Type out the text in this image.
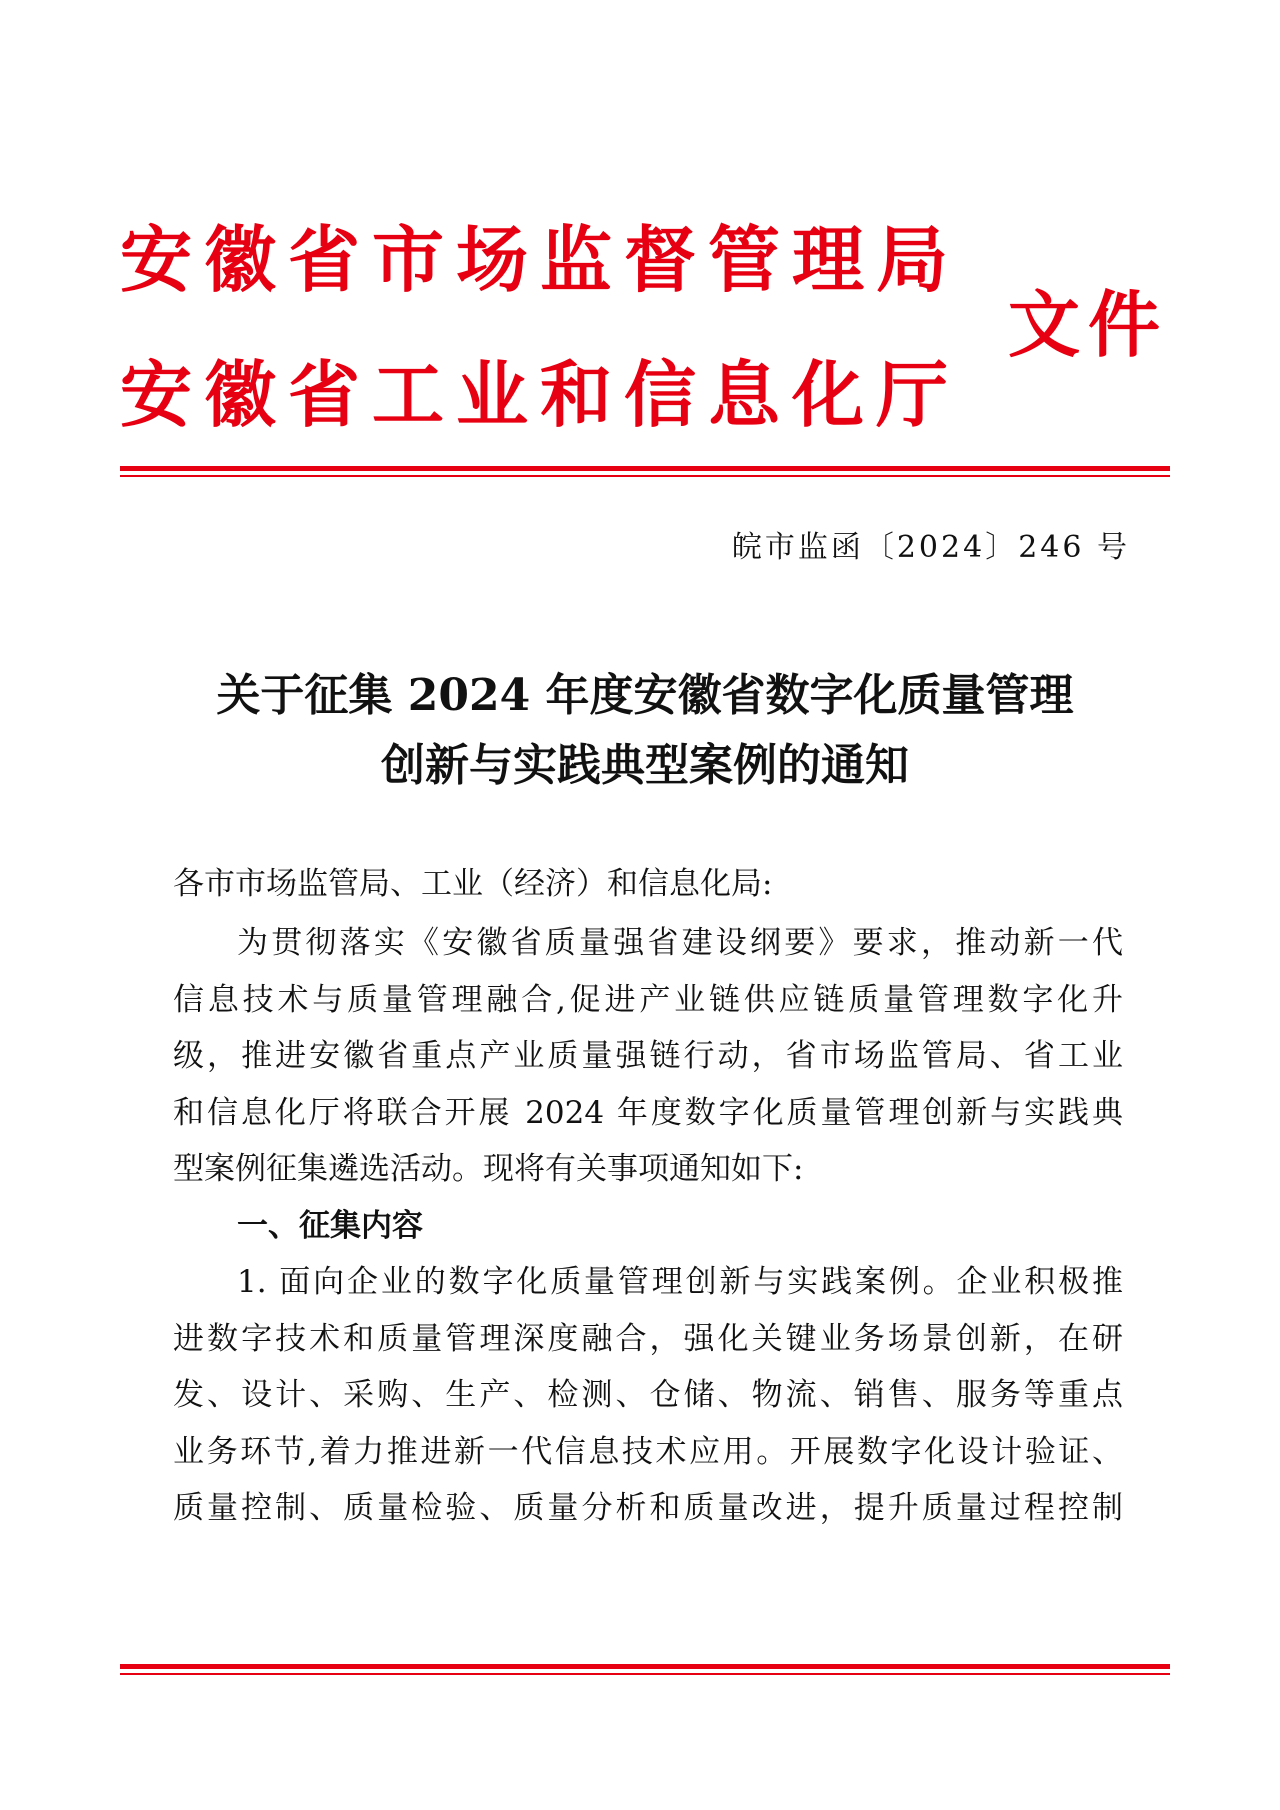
安徽省市场监督管理局
安徽省工业和信息化厅
文件
皖市监函〔2024〕246 号
关于征集 2024 年度安徽省数字化质量管理
创新与实践典型案例的通知
各市市场监管局、工业（经济）和信息化局:
为贯彻落实《安徽省质量强省建设纲要》要求，推动新一代
信息技术与质量管理融合,促进产业链供应链质量管理数字化升
级，推进安徽省重点产业质量强链行动，省市场监管局、省工业
和信息化厅将联合开展 2024 年度数字化质量管理创新与实践典
型案例征集遴选活动。现将有关事项通知如下:
一、征集内容
1. 面向企业的数字化质量管理创新与实践案例。企业积极推
进数字技术和质量管理深度融合，强化关键业务场景创新，在研
发、设计、采购、生产、检测、仓储、物流、销售、服务等重点
业务环节,着力推进新一代信息技术应用。开展数字化设计验证、
质量控制、质量检验、质量分析和质量改进，提升质量过程控制
